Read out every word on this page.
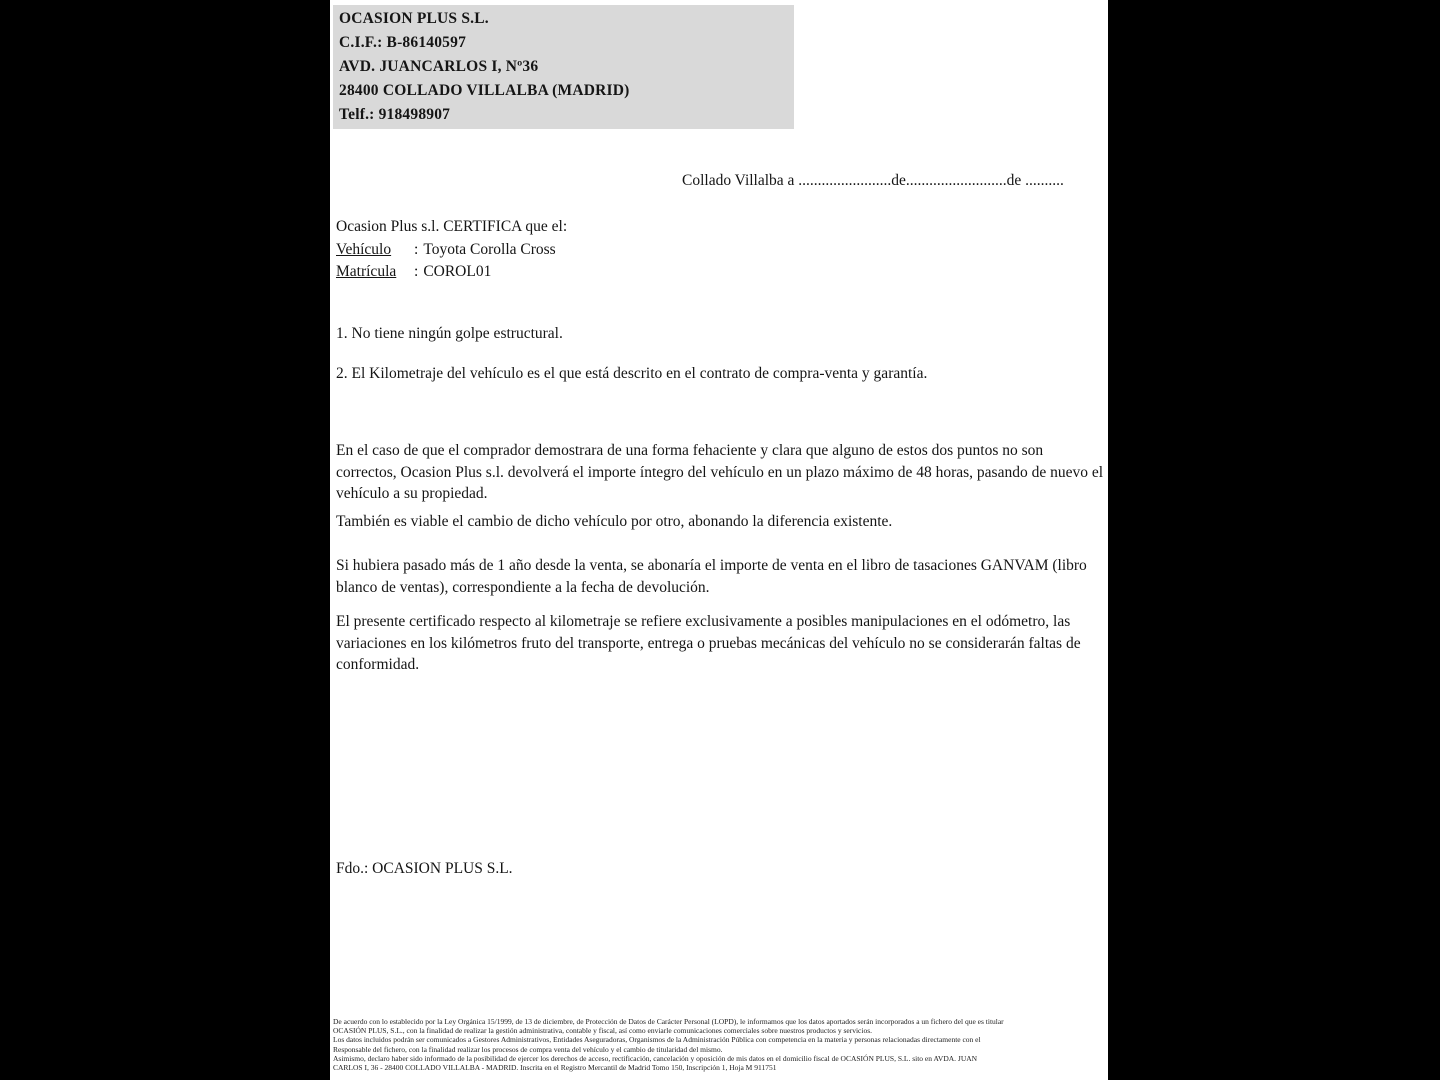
OCASION PLUS S.L.
C.I.F.: B-86140597
AVD. JUANCARLOS I, Nº36
28400 COLLADO VILLALBA (MADRID)
Telf.: 918498907
Collado Villalba a ........................de..........................de ..........
Ocasion Plus s.l. CERTIFICA que el:
Vehículo : Toyota Corolla Cross
Matrícula : COROL01
1. No tiene ningún golpe estructural.
2. El Kilometraje del vehículo es el que está descrito en el contrato de compra-venta y garantía.
En el caso de que el comprador demostrara de una forma fehaciente y clara que alguno de estos dos puntos no son correctos, Ocasion Plus s.l. devolverá el importe íntegro del vehículo en un plazo máximo de 48 horas, pasando de nuevo el vehículo a su propiedad.
También es viable el cambio de dicho vehículo por otro, abonando la diferencia existente.
Si hubiera pasado más de 1 año desde la venta, se abonaría el importe de venta en el libro de tasaciones GANVAM (libro blanco de ventas), correspondiente a la fecha de devolución.
El presente certificado respecto al kilometraje se refiere exclusivamente a posibles manipulaciones en el odómetro, las variaciones en los kilómetros fruto del transporte, entrega o pruebas mecánicas del vehículo no se considerarán faltas de conformidad.
Fdo.: OCASION PLUS S.L.
De acuerdo con lo establecido por la Ley Orgánica 15/1999, de 13 de diciembre, de Protección de Datos de Carácter Personal (LOPD), le informamos que los datos aportados serán incorporados a un fichero del que es titular
OCASIÓN PLUS, S.L., con la finalidad de realizar la gestión administrativa, contable y fiscal, así como enviarle comunicaciones comerciales sobre nuestros productos y servicios.
Los datos incluidos podrán ser comunicados a Gestores Administrativos, Entidades Aseguradoras, Organismos de la Administración Pública con competencia en la materia y personas relacionadas directamente con el
Responsable del fichero, con la finalidad realizar los procesos de compra venta del vehículo y el cambio de titularidad del mismo.
Asimismo, declaro haber sido informado de la posibilidad de ejercer los derechos de acceso, rectificación, cancelación y oposición de mis datos en el domicilio fiscal de OCASIÓN PLUS, S.L. sito en AVDA. JUAN
CARLOS I, 36 - 28400 COLLADO VILLALBA - MADRID. Inscrita en el Registro Mercantil de Madrid Tomo 150, Inscripción 1, Hoja M 911751
